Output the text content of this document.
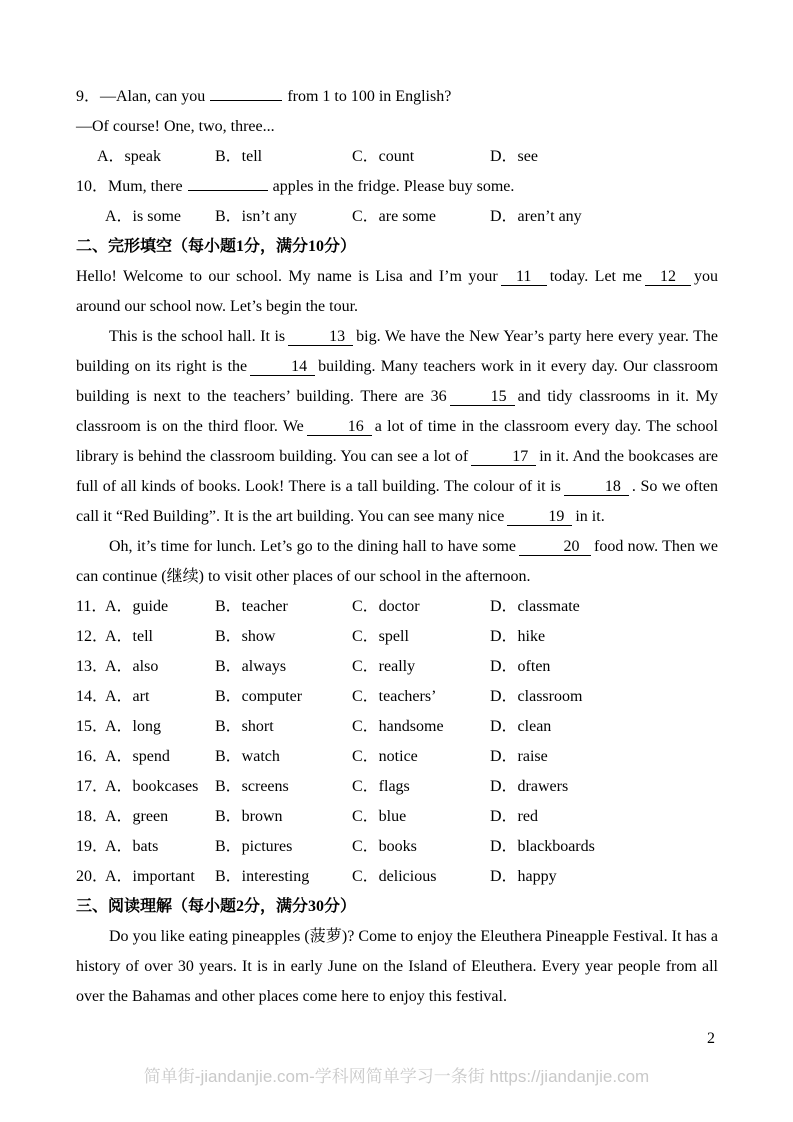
9．—Alan, can you	from 1 to 100 in English?

—Of course! One, two, three...

A．speak	B．tell	C．count	D．see

10．Mum, there	apples in the fridge. Please buy some.

A．is some B．isn’t any	C．are some	D．aren’t any
二、完形填空（每小题1分，满分10分）

Hello! Welcome to our school. My name is Lisa and I’m your 11 today. Let me 12 you around our school now. Let’s begin the tour.

This is the school hall. It is	13 big. We have the New Year’s party here every year. The building on its right is the	14 building. Many teachers work in it every day. Our classroom building is next to the teachers’ building. There are 36	15 and tidy classrooms in it. My classroom is on the third floor. We	16 a lot of time in the classroom every day. The school library is behind the classroom building. You can see a lot of	17 in it. And the bookcases are full of all kinds of books. Look! There is a tall building. The colour of it is	18 . So we often call it “Red Building”. It is the art building. You can see many nice	19 in it.

Oh, it’s time for lunch. Let’s go to the dining hall to have some	20 food now. Then we can continue (继续) to visit other places of our school in the afternoon.

11．
A．guide	B．teacher	C．doctor	D．classmate
12．
A．tell	B．show	C．spell	D．hike
13．
A．also	B．always	C．really	D．often
14．
A．art	B．computer	C．teachers’	D．classroom
15．
A．long	B．short	C．handsome	D．clean
16．
A．spend	B．watch	C．notice	D．raise
17．
A．bookcases B．screens	C．flags	D．drawers
18．
A．green	B．brown	C．blue	D．red
19．
A．bats	B．pictures	C．books	D．blackboards
20．
A．important B．interesting	C．delicious	D．happy
三、阅读理解（每小题2分，满分30分）

Do you like eating pineapples (菠萝)? Come to enjoy the Eleuthera Pineapple Festival. It has a history of over 30 years. It is in early June on the Island of Eleuthera. Every year people from all over the Bahamas and other places come here to enjoy this festival.

2
简单街-jiandanjie.com-学科网简单学习一条街 https://jiandanjie.com
